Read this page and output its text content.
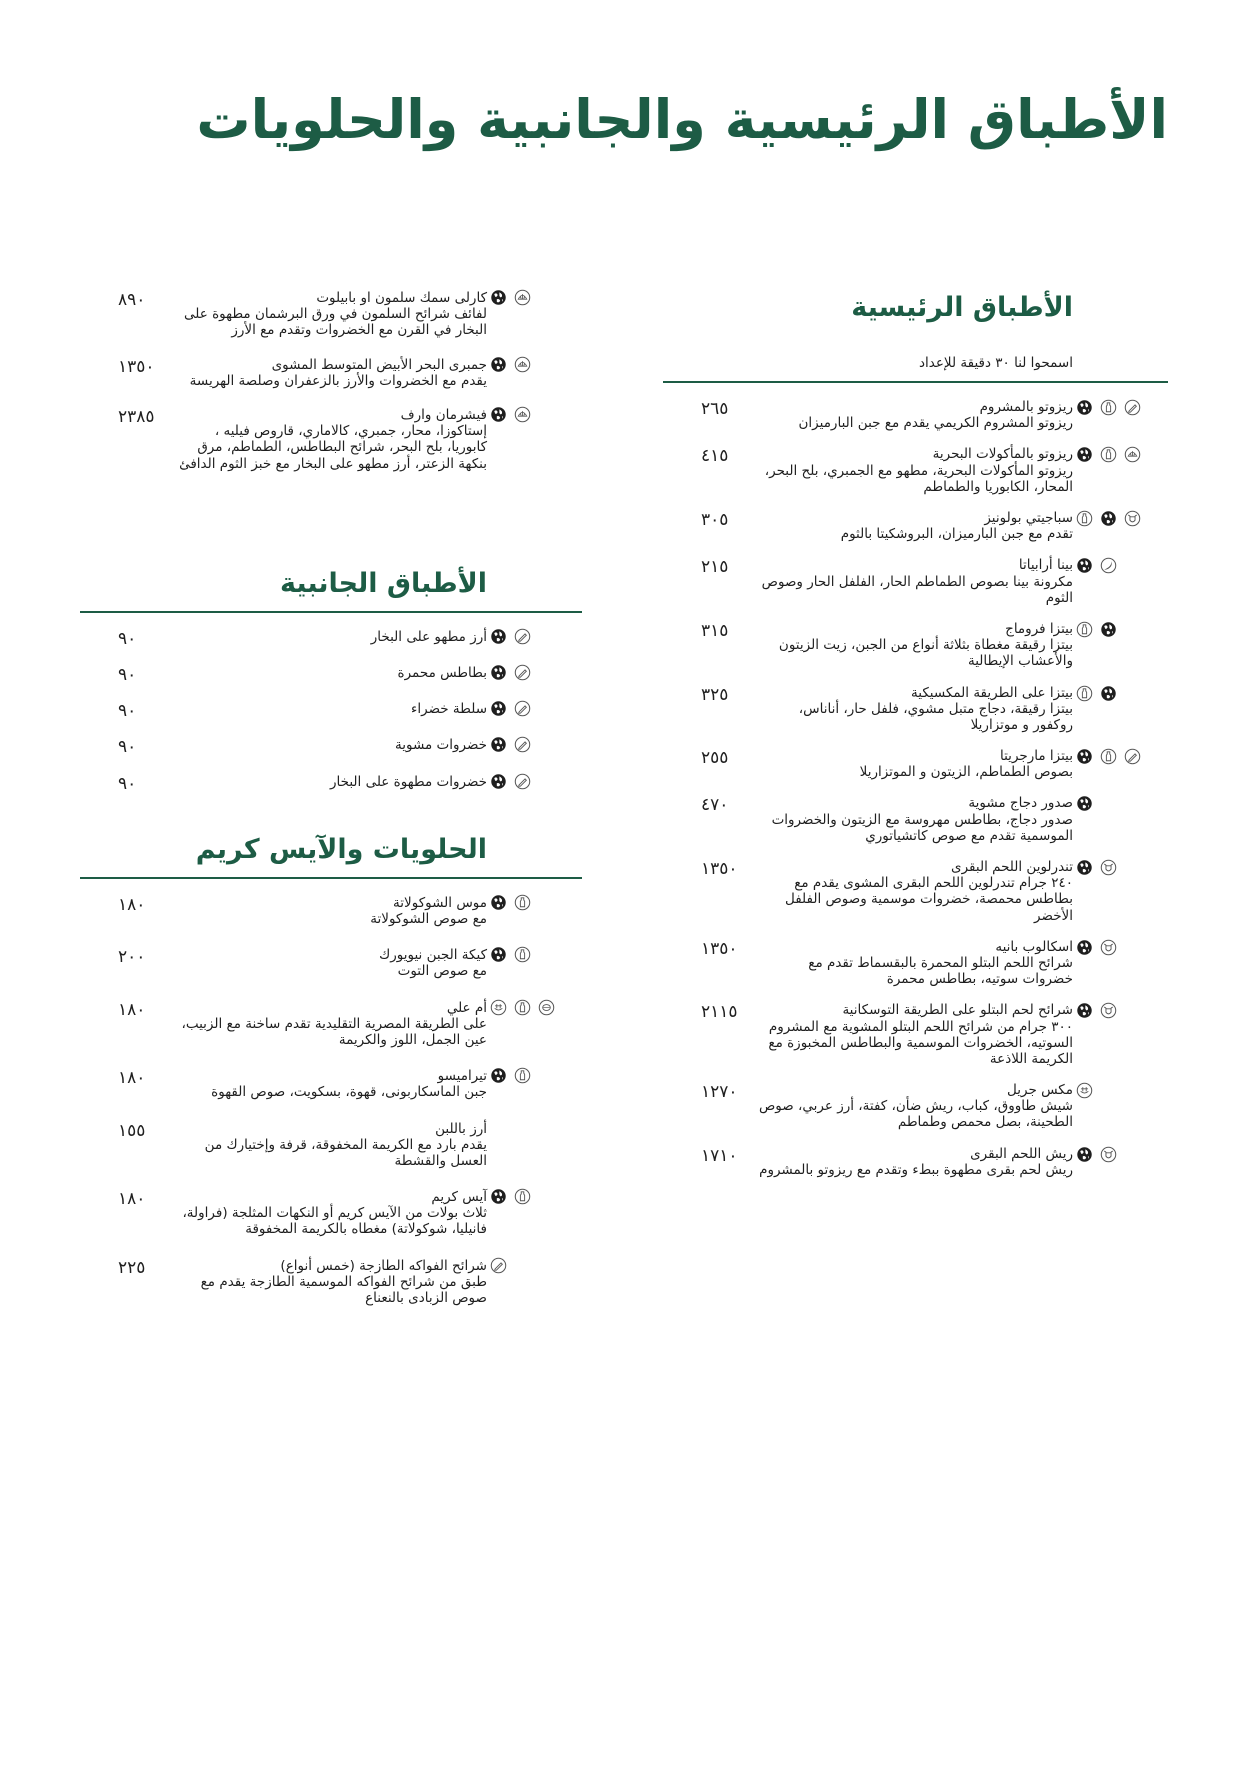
الأطباق الرئيسية والجانبية والحلويات
الأطباق الرئيسية
اسمحوا لنا ٣٠ دقيقة للإعداد
ريزوتو بالمشروم
ريزوتو المشروم الكريمي يقدم مع جبن البارميزان
٢٦٥
ريزوتو بالمأكولات البحرية
ريزوتو المأكولات البحرية، مطهو مع الجمبري، بلح البحر، المحار، الكابوريا والطماطم
٤١٥
سباجيتي بولونيز
تقدم مع جبن البارميزان، البروشكيتا بالثوم
٣٠٥
بينا أرابياتا
مكرونة بينا بصوص الطماطم الحار، الفلفل الحار وصوص الثوم
٢١٥
بيتزا فروماج
بيتزا رقيقة مغطاة بثلاثة أنواع من الجبن، زيت الزيتون والأعشاب الإيطالية
٣١٥
بيتزا على الطريقة المكسيكية
بيتزا رقيقة، دجاج متبل مشوي، فلفل حار، أناناس، روكفور و موتزاريلا
٣٢٥
بيتزا مارجريتا
بصوص الطماطم، الزيتون و الموتزاريلا
٢٥٥
صدور دجاج مشوية
صدور دجاج، بطاطس مهروسة مع الزيتون والخضروات الموسمية تقدم مع صوص كاتشياتوري
٤٧٠
تندرلوين اللحم البقرى
٢٤٠ جرام تندرلوين اللحم البقرى المشوى يقدم مع بطاطس محمصة، خضروات موسمية وصوص الفلفل الأخضر
١٣٥٠
اسكالوب بانيه
شرائح اللحم البتلو المحمرة بالبقسماط تقدم مع خضروات سوتيه، بطاطس محمرة
١٣٥٠
شرائح لحم البتلو على الطريقة التوسكانية
٣٠٠ جرام من شرائح اللحم البتلو المشوية مع المشروم السوتيه، الخضروات الموسمية والبطاطس المخبوزة مع الكريمة اللاذعة
٢١١٥
مكس جريل
شيش طاووق، كباب، ريش ضأن، كفتة، أرز عربي، صوص الطحينة، بصل محمص وطماطم
١٢٧٠
ريش اللحم البقرى
ريش لحم بقرى مطهوة ببطء وتقدم مع ريزوتو بالمشروم
١٧١٠
كارلى سمك سلمون او بابيلوت
لفائف شرائح السلمون في ورق البرشمان مطهوة على البخار في القرن مع الخضروات وتقدم مع الأرز
٨٩٠
جمبرى البحر الأبيض المتوسط المشوى
يقدم مع الخضروات والأرز بالزعفران وصلصة الهريسة
١٣٥٠
فيشرمان وارف
إستاكوزا، محار، جمبري، كالاماري، قاروص فيليه ، كابوريا، بلح البحر، شرائح البطاطس، الطماطم، مرق بنكهة الزعتر، أرز مطهو على البخار مع خبز الثوم الدافئ
٢٣٨٥
الأطباق الجانبية
أرز مطهو على البخار
٩٠
بطاطس محمرة
٩٠
سلطة خضراء
٩٠
خضروات مشوية
٩٠
خضروات مطهوة على البخار
٩٠
الحلويات والآيس كريم
موس الشوكولاتة
مع صوص الشوكولاتة
١٨٠
كيكة الجبن نيويورك
مع صوص التوت
٢٠٠
أم علي
على الطريقة المصرية التقليدية تقدم ساخنة مع الزبيب، عين الجمل، اللوز والكريمة
١٨٠
تيراميسو
جبن الماسكاربونى، قهوة، بسكويت، صوص القهوة
١٨٠
أرز باللبن
يقدم بارد مع الكريمة المخفوقة، قرفة وإختيارك من العسل والقشطة
١٥٥
آيس كريم
ثلاث بولات من الآيس كريم أو النكهات المثلجة (فراولة، فانيليا، شوكولاتة) مغطاه بالكريمة المخفوقة
١٨٠
شرائح الفواكه الطازجة (خمس أنواع)
طبق من شرائح الفواكه الموسمية الطازجة يقدم مع صوص الزبادى بالنعناع
٢٢٥
